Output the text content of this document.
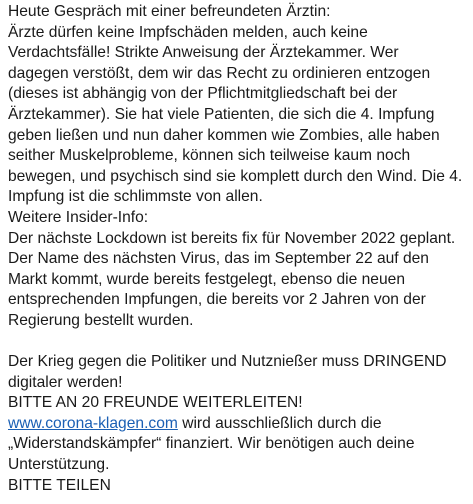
Heute Gespräch mit einer befreundeten Ärztin:
Ärzte dürfen keine Impfschäden melden, auch keine
Verdachtsfälle! Strikte Anweisung der Ärztekammer. Wer
dagegen verstößt, dem wir das Recht zu ordinieren entzogen
(dieses ist abhängig von der Pflichtmitgliedschaft bei der
Ärztekammer). Sie hat viele Patienten, die sich die 4. Impfung
geben ließen und nun daher kommen wie Zombies, alle haben
seither Muskelprobleme, können sich teilweise kaum noch
bewegen, und psychisch sind sie komplett durch den Wind. Die 4.
Impfung ist die schlimmste von allen.
Weitere Insider-Info:
Der nächste Lockdown ist bereits fix für November 2022 geplant.
Der Name des nächsten Virus, das im September 22 auf den
Markt kommt, wurde bereits festgelegt, ebenso die neuen
entsprechenden Impfungen, die bereits vor 2 Jahren von der
Regierung bestellt wurden.
Der Krieg gegen die Politiker und Nutznießer muss DRINGEND
digitaler werden!
BITTE AN 20 FREUNDE WEITERLEITEN!
www.corona-klagen.com wird ausschließlich durch die
„Widerstandskämpfer“ finanziert. Wir benötigen auch deine
Unterstützung.
BITTE TEILEN
